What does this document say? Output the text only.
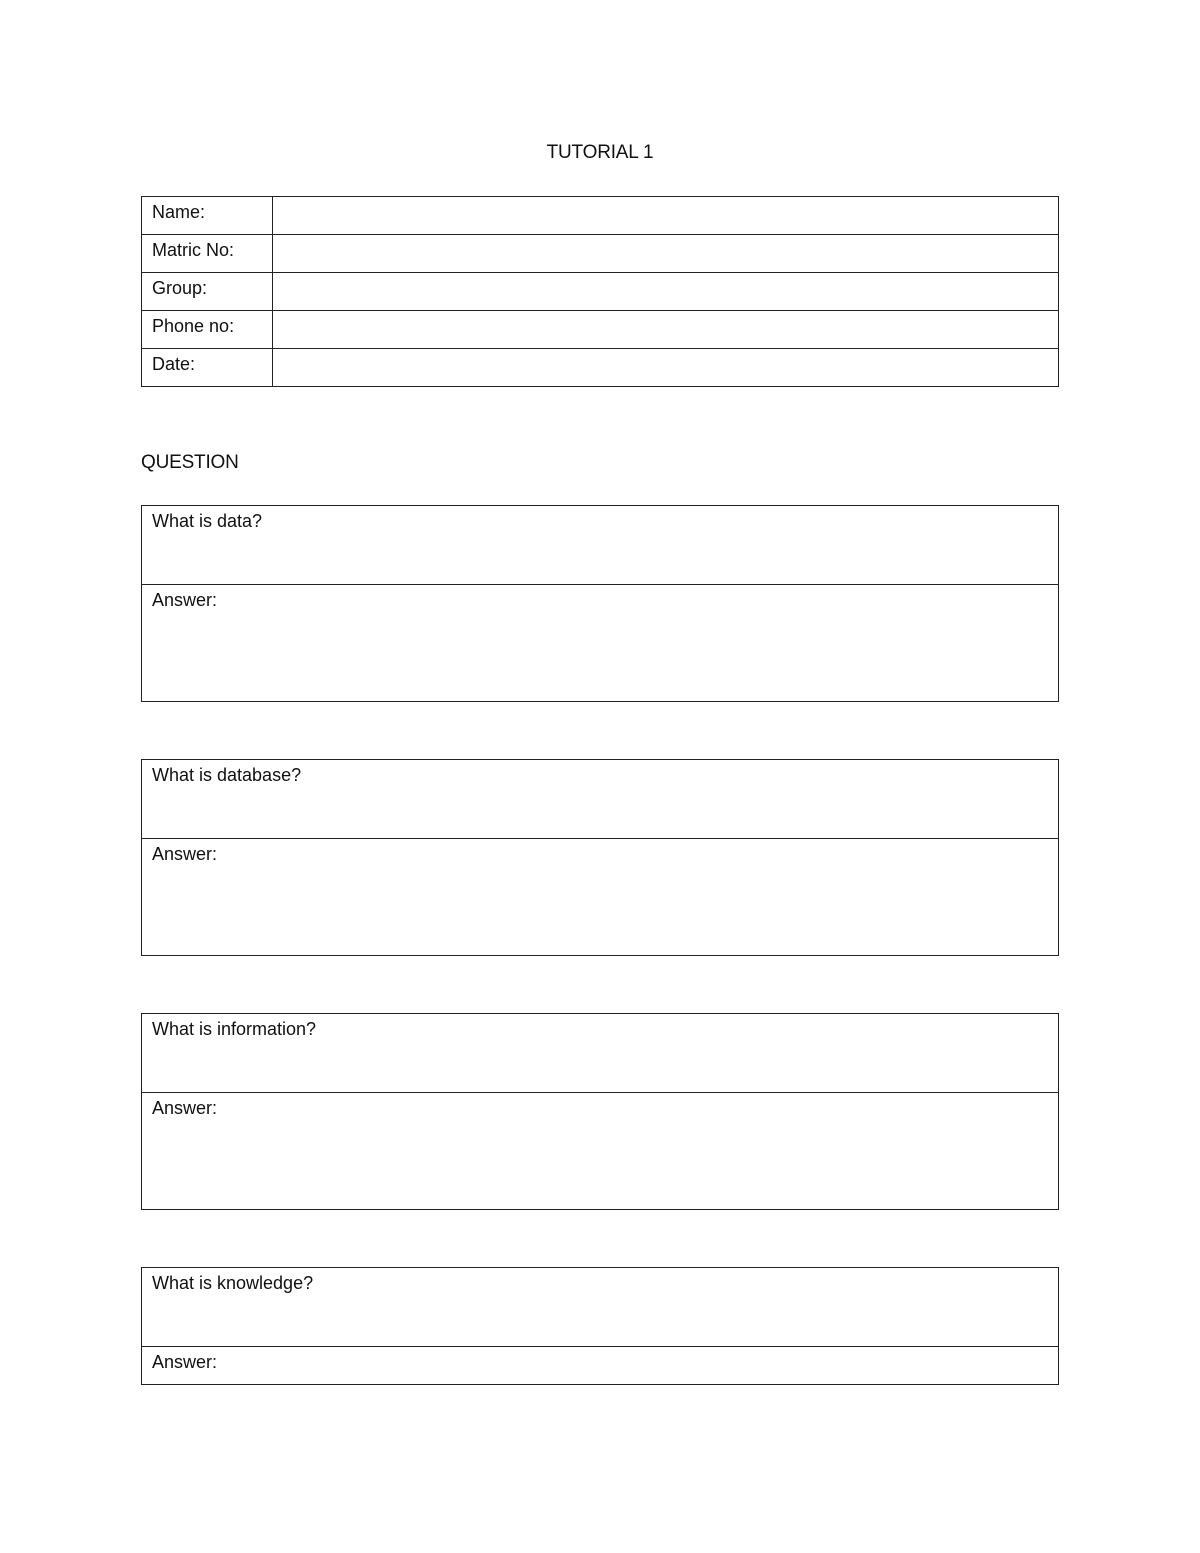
TUTORIAL 1
Name:	
Matric No:	
Group:	
Phone no:	
Date:	
QUESTION
What is data?
Answer:
What is database?
Answer:
What is information?
Answer:
What is knowledge?
Answer:
